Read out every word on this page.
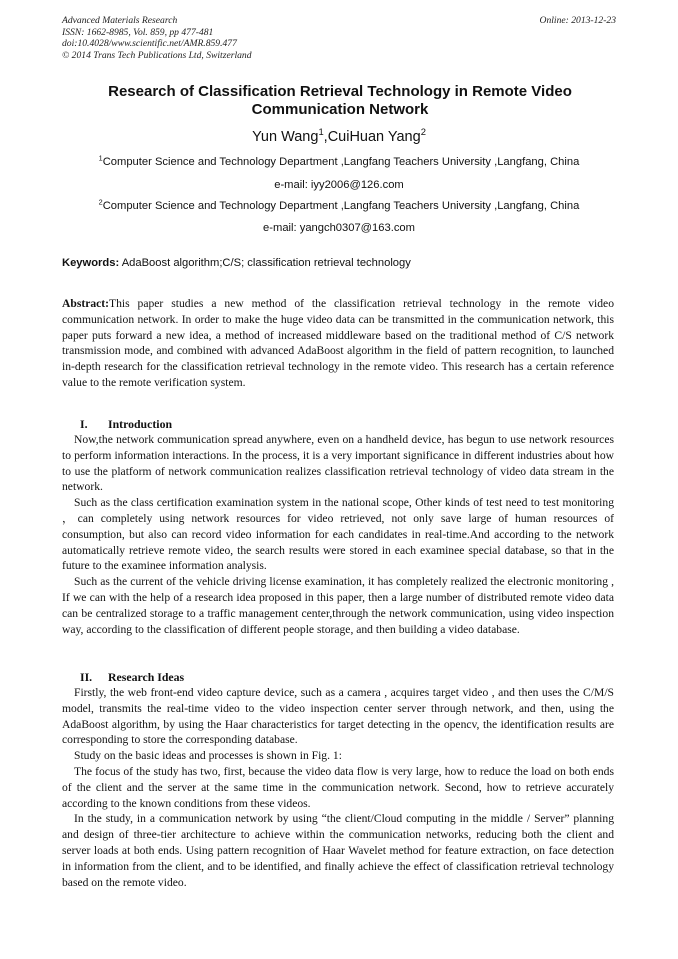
Advanced Materials Research
ISSN: 1662-8985, Vol. 859, pp 477-481
doi:10.4028/www.scientific.net/AMR.859.477
© 2014 Trans Tech Publications Ltd, Switzerland
Online: 2013-12-23
Research of Classification Retrieval Technology in Remote Video Communication Network
Yun Wang$^1$,CuiHuan Yang$^2$
$^1$Computer Science and Technology Department ,Langfang Teachers University ,Langfang, China
e-mail: iyy2006@126.com
$^2$Computer Science and Technology Department ,Langfang Teachers University ,Langfang, China
e-mail: yangch0307@163.com
Keywords: AdaBoost algorithm;C/S; classification retrieval technology

Abstract:This paper studies a new method of the classification retrieval technology in the remote video communication network. In order to make the huge video data can be transmitted in the communication network, this paper puts forward a new idea, a method of increased middleware based on the traditional method of C/S network transmission mode, and combined with advanced AdaBoost algorithm in the field of pattern recognition, to launched in-depth research for the classification retrieval technology in the remote video. This research has a certain reference value to the remote verification system.

I. Introduction

Now,the network communication spread anywhere, even on a handheld device, has begun to use network resources to perform information interactions. In the process, it is a very important significance in different industries about how to use the platform of network communication realizes classification retrieval technology of video data stream in the network.

Such as the class certification examination system in the national scope, Other kinds of test need to test monitoring ，can completely using network resources for video retrieved, not only save large of human resources of consumption, but also can record video information for each candidates in real-time.And according to the network automatically retrieve remote video, the search results were stored in each examinee special database, so that in the future to the examinee information analysis.

Such as the current of the vehicle driving license examination, it has completely realized the electronic monitoring , If we can with the help of a research idea proposed in this paper, then a large number of distributed remote video data can be centralized storage to a traffic management center,through the network communication, using video inspection way, according to the classification of different people storage, and then building a video database.

II. Research Ideas

Firstly, the web front-end video capture device, such as a camera , acquires target video , and then uses the C/M/S model, transmits the real-time video to the video inspection center server through network, and then, using the AdaBoost algorithm, by using the Haar characteristics for target detecting in the opencv, the identification results are corresponding to store the corresponding database.

Study on the basic ideas and processes is shown in Fig. 1:

The focus of the study has two, first, because the video data flow is very large, how to reduce the load on both ends of the client and the server at the same time in the communication network. Second, how to retrieve accurately according to the known conditions from these videos.

In the study, in a communication network by using “the client/Cloud computing in the middle / Server” planning and design of three-tier architecture to achieve within the communication networks, reducing both the client and server loads at both ends. Using pattern recognition of Haar Wavelet method for feature extraction, on face detection in information from the client, and to be identified, and finally achieve the effect of classification retrieval technology based on the remote video.
